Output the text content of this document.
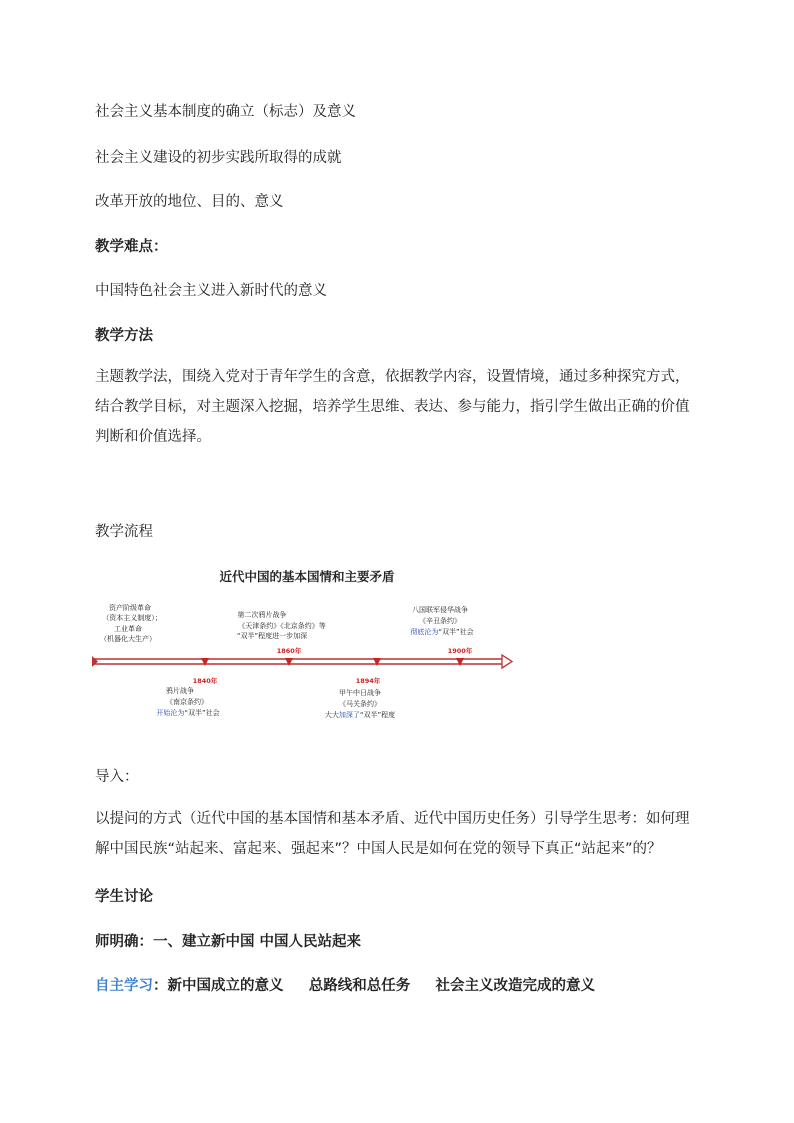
社会主义基本制度的确立（标志）及意义
社会主义建设的初步实践所取得的成就
改革开放的地位、目的、意义
教学难点：
中国特色社会主义进入新时代的意义
教学方法
主题教学法，围绕入党对于青年学生的含意，依据教学内容，设置情境，通过多种探究方式，结合教学目标，对主题深入挖掘，培养学生思维、表达、参与能力，指引学生做出正确的价值判断和价值选择。
教学流程
近代中国的基本国情和主要矛盾
资产阶级革命
（资本主义制度）；
工业革命
（机器化大生产）
第二次鸦片战争
《天津条约》《北京条约》等
“双半”程度进一步加深
八国联军侵华战争
《辛丑条约》
彻底沦为“双半”社会
1840年
1860年
1894年
1900年
鸦片战争
《南京条约》
开始沦为“双半”社会
甲午中日战争
《马关条约》
大大加深了“双半”程度
导入：
以提问的方式（近代中国的基本国情和基本矛盾、近代中国历史任务）引导学生思考：如何理解中国民族“站起来、富起来、强起来”？中国人民是如何在党的领导下真正“站起来”的？
学生讨论
师明确：一、建立新中国 中国人民站起来
自主学习：新中国成立的意义     总路线和总任务     社会主义改造完成的意义
